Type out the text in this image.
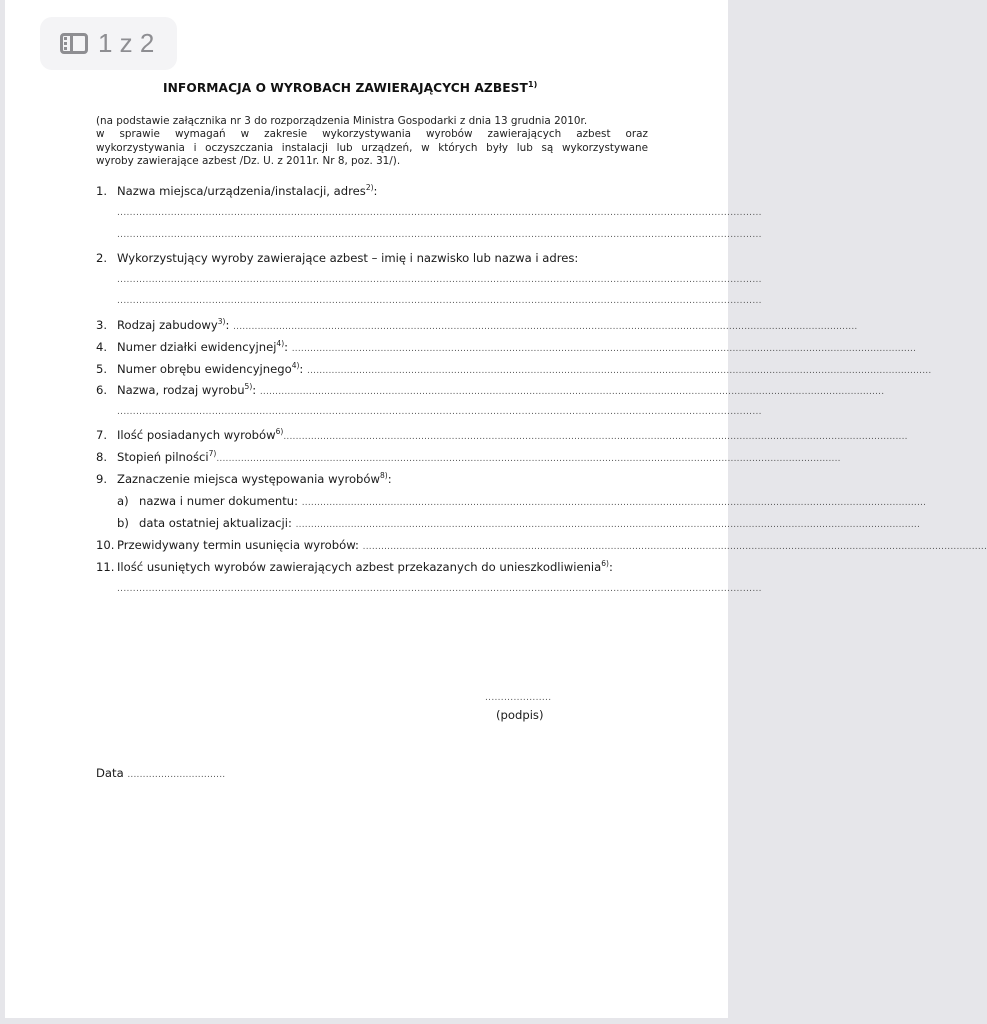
1 z 2
INFORMACJA O WYROBACH ZAWIERAJĄCYCH AZBEST$^{1)}$
(na podstawie załącznika nr 3 do rozporządzenia Ministra Gospodarki z dnia 13 grudnia 2010r.
w sprawie wymagań w zakresie wykorzystywania wyrobów zawierających azbest oraz
wykorzystywania i oczyszczania instalacji lub urządzeń, w których były lub są wykorzystywane
wyroby zawierające azbest /Dz. U. z 2011r. Nr 8, poz. 31/).
1. Nazwa miejsca/urządzenia/instalacji, adres$^{2)}$:
............................................................................................................................................................................................................
............................................................................................................................................................................................................
2. Wykorzystujący wyroby zawierające azbest – imię i nazwisko lub nazwa i adres:
............................................................................................................................................................................................................
............................................................................................................................................................................................................
3. Rodzaj zabudowy$^{3)}$: ............................................................................................................................................................................................................
4. Numer działki ewidencyjnej$^{4)}$: ............................................................................................................................................................................................................
5. Numer obrębu ewidencyjnego$^{4)}$: ............................................................................................................................................................................................................
6. Nazwa, rodzaj wyrobu$^{5)}$: ............................................................................................................................................................................................................
............................................................................................................................................................................................................
7. Ilość posiadanych wyrobów$^{6)}$............................................................................................................................................................................................................
8. Stopień pilności$^{7)}$............................................................................................................................................................................................................
9. Zaznaczenie miejsca występowania wyrobów$^{8)}$:
a) nazwa i numer dokumentu: ............................................................................................................................................................................................................
b) data ostatniej aktualizacji: ............................................................................................................................................................................................................
10. Przewidywany termin usunięcia wyrobów: ............................................................................................................................................................................................................
11. Ilość usuniętych wyrobów zawierających azbest przekazanych do unieszkodliwienia$^{6)}$:
............................................................................................................................................................................................................
.....................
(podpis)
Data ................................
